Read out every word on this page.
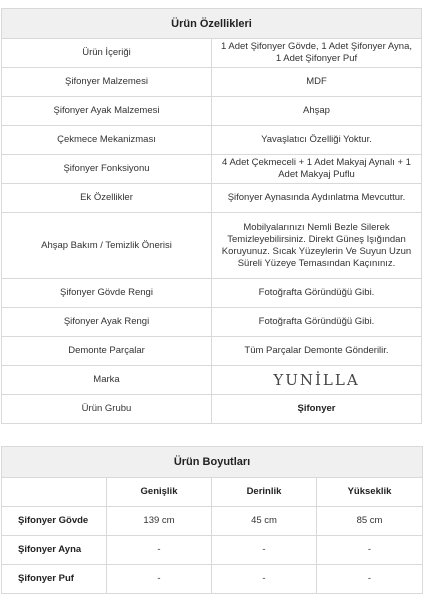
Ürün Özellikleri	
Ürün İçeriği	1 Adet Şifonyer Gövde, 1 Adet Şifonyer Ayna, 1 Adet Şifonyer Puf
Şifonyer Malzemesi	MDF
Şifonyer Ayak Malzemesi	Ahşap
Çekmece Mekanizması	Yavaşlatıcı Özelliği Yoktur.
Şifonyer Fonksiyonu	4 Adet Çekmeceli + 1 Adet Makyaj Aynalı + 1 Adet Makyaj Puflu
Ek Özellikler	Şifonyer Aynasında Aydınlatma Mevcuttur.
Ahşap Bakım / Temizlik Önerisi	Mobilyalarınızı Nemli Bezle Silerek Temizleyebilirsiniz. Direkt Güneş Işığından Koruyunuz. Sıcak Yüzeylerin Ve Suyun Uzun Süreli Yüzeye Temasından Kaçınınız.
Şifonyer Gövde Rengi	Fotoğrafta Göründüğü Gibi.
Şifonyer Ayak Rengi	Fotoğrafta Göründüğü Gibi.
Demonte Parçalar	Tüm Parçalar Demonte Gönderilir.
Marka	YUNİLLA
Ürün Grubu	Şifonyer
Ürün Boyutları			
	Genişlik	Derinlik	Yükseklik
Şifonyer Gövde	139 cm	45 cm	85 cm
Şifonyer Ayna	-	-	-
Şifonyer Puf	-	-	-
